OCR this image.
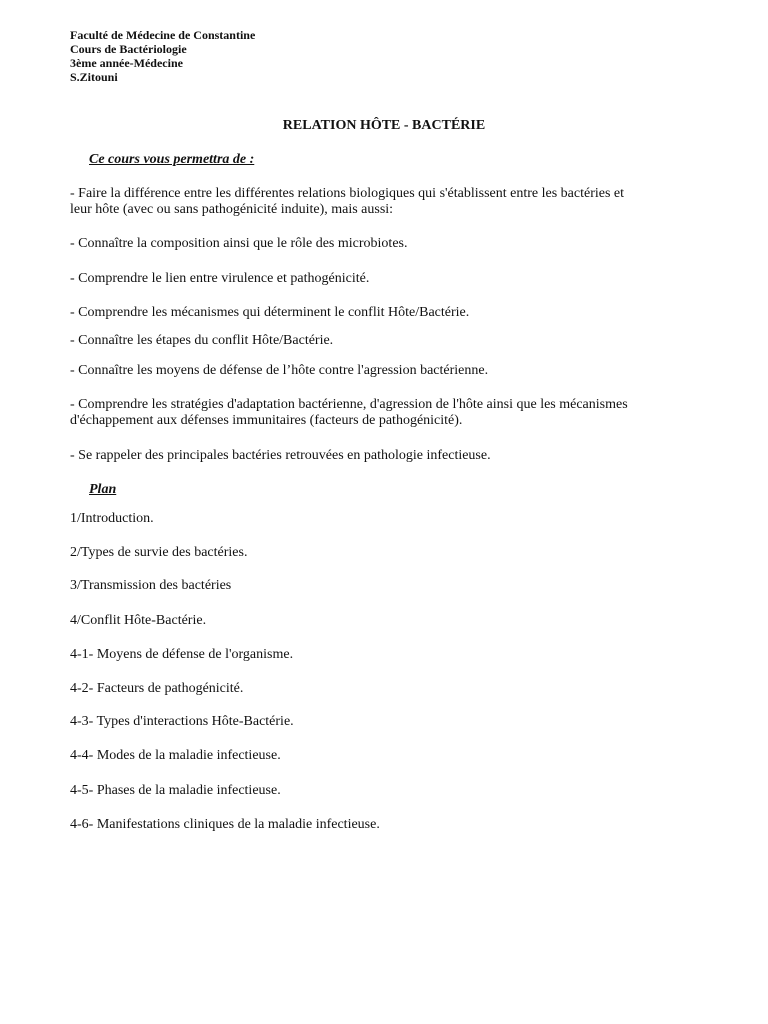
Faculté de Médecine de Constantine
Cours de Bactériologie
3ème année-Médecine
S.Zitouni
RELATION HÔTE - BACTÉRIE
Ce cours vous permettra de :
- Faire la différence entre les différentes relations biologiques qui s'établissent entre les bactéries et
leur hôte (avec ou sans pathogénicité induite), mais aussi:
- Connaître la composition ainsi que le rôle des microbiotes.
- Comprendre le lien entre virulence et pathogénicité.
- Comprendre les mécanismes qui déterminent le conflit Hôte/Bactérie.
- Connaître les étapes du conflit Hôte/Bactérie.
- Connaître les moyens de défense de l’hôte contre l'agression bactérienne.
- Comprendre les stratégies d'adaptation bactérienne, d'agression de l'hôte ainsi que les mécanismes
d'échappement aux défenses immunitaires (facteurs de pathogénicité).
- Se rappeler des principales bactéries retrouvées en pathologie infectieuse.
Plan
1/Introduction.
2/Types de survie des bactéries.
3/Transmission des bactéries
4/Conflit Hôte-Bactérie.
4-1- Moyens de défense de l'organisme.
4-2- Facteurs de pathogénicité.
4-3- Types d'interactions Hôte-Bactérie.
4-4- Modes de la maladie infectieuse.
4-5- Phases de la maladie infectieuse.
4-6- Manifestations cliniques de la maladie infectieuse.
